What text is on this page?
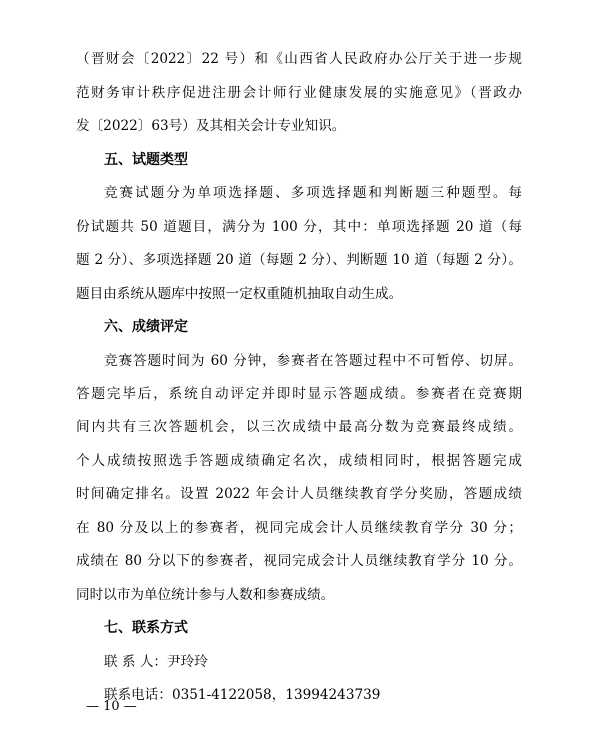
（晋财会〔2022〕22 号）和《山西省人民政府办公厅关于进一步规
范财务审计秩序促进注册会计师行业健康发展的实施意见》（晋政办
发〔2022〕63号）及其相关会计专业知识。
五、试题类型
竞赛试题分为单项选择题、多项选择题和判断题三种题型。每
份试题共 50 道题目，满分为 100 分，其中：单项选择题 20 道（每
题 2 分）、多项选择题 20 道（每题 2 分）、判断题 10 道（每题 2 分）。
题目由系统从题库中按照一定权重随机抽取自动生成。
六、成绩评定
竞赛答题时间为 60 分钟，参赛者在答题过程中不可暂停、切屏。
答题完毕后，系统自动评定并即时显示答题成绩。参赛者在竞赛期
间内共有三次答题机会，以三次成绩中最高分数为竞赛最终成绩。
个人成绩按照选手答题成绩确定名次，成绩相同时，根据答题完成
时间确定排名。设置 2022 年会计人员继续教育学分奖励，答题成绩
在 80 分及以上的参赛者，视同完成会计人员继续教育学分 30 分；
成绩在 80 分以下的参赛者，视同完成会计人员继续教育学分 10 分。
同时以市为单位统计参与人数和参赛成绩。
七、联系方式
联 系 人：尹玲玲
联系电话：0351-4122058，13994243739
— 10 —
